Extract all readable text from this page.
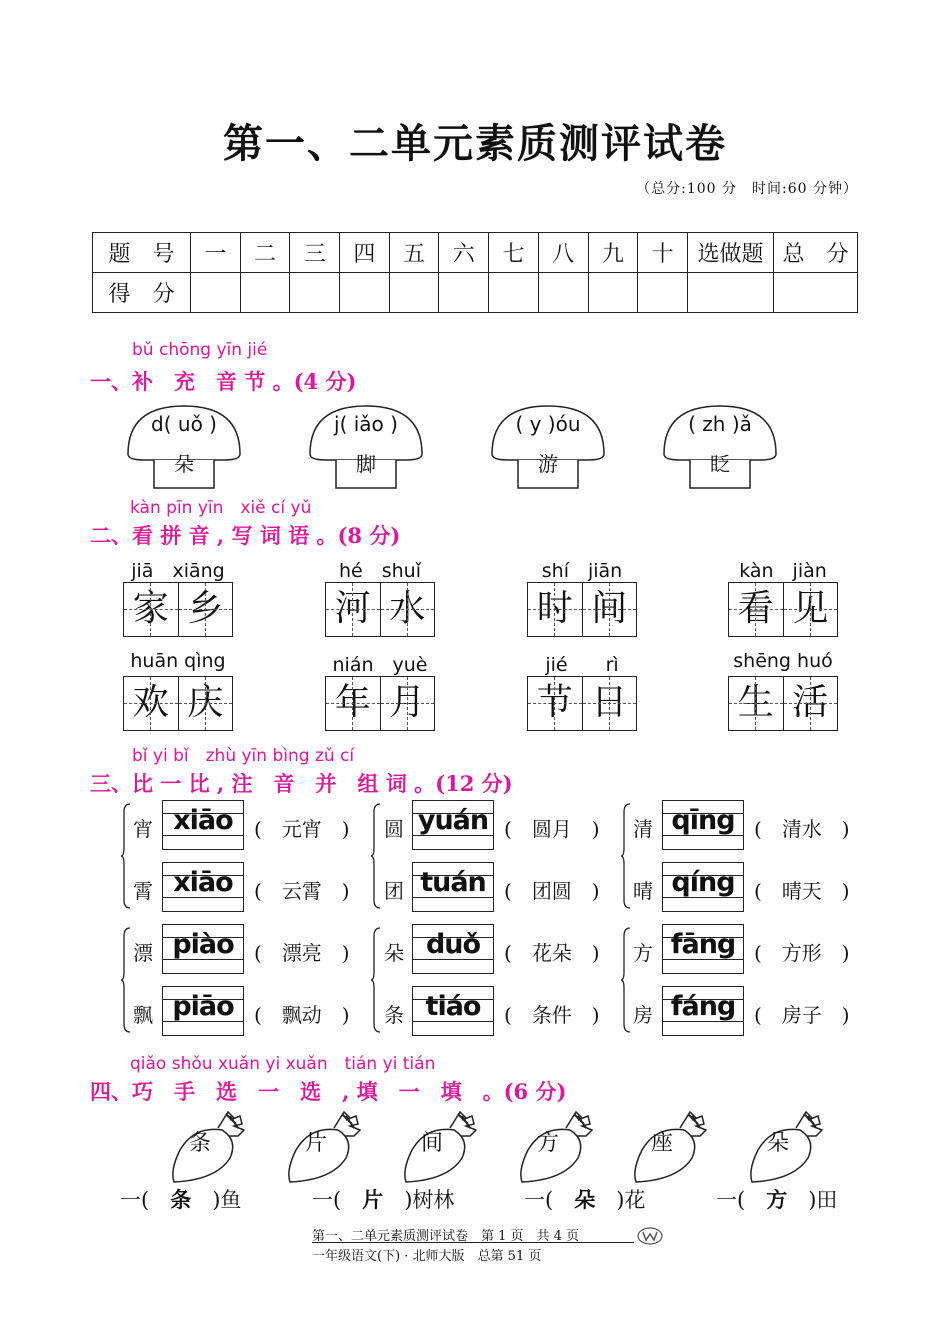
第一、二单元素质测评试卷
（总分:100 分　时间:60 分钟）
题　号	一	二	三	四	五	六	七	八	九	十	选做题	总　分
得　分												
bǔ chōng yīn jié
一、补　充　音 节 。(4 分)
d( uǒ )
朵
j( iǎo )
脚
( y )óu
游
( zh )ǎ
眨
kàn pīn yīn　xiě cí yǔ
二、看 拼 音 , 写 词 语 。(8 分)
jiā　xiāng
家 乡
hé　shuǐ
河 水
shí　jiān
时 间
kàn　jiàn
看 见
huān qìng
欢 庆
nián　yuè
年 月
jié　　rì
节 日
shēng huó
生 活
bǐ yi bǐ　zhù yīn bìng zǔ cí
三、比 一 比 , 注　音　并　组 词 。(12 分)
宵 xiāo	(　元宵　) 圆 yuán (　圆月　) 清 qīng (　清水　)
霄 xiāo	(　云霄　) 团 tuán (　团圆　) 晴 qíng (　晴天　)
漂 piào	(　漂亮　) 朵 duǒ	(　花朵　) 方 fāng (　方形　)
飘 piāo	(　飘动　) 条 tiáo	(　条件　) 房 fáng (　房子　)
qiǎo shǒu xuǎn yi xuǎn　tián yi tián
四、巧　手　选　一　选　, 填　一　填　。(6 分)
条	片	间	方	座	朵
一(　 条　 )鱼	一(　 片　 )树林	一(　 朵　 )花	一(　 方　 )田
第一、二单元素质测评试卷　第 1 页　共 4 页
一年级语文(下) · 北师大版　总第 51 页
